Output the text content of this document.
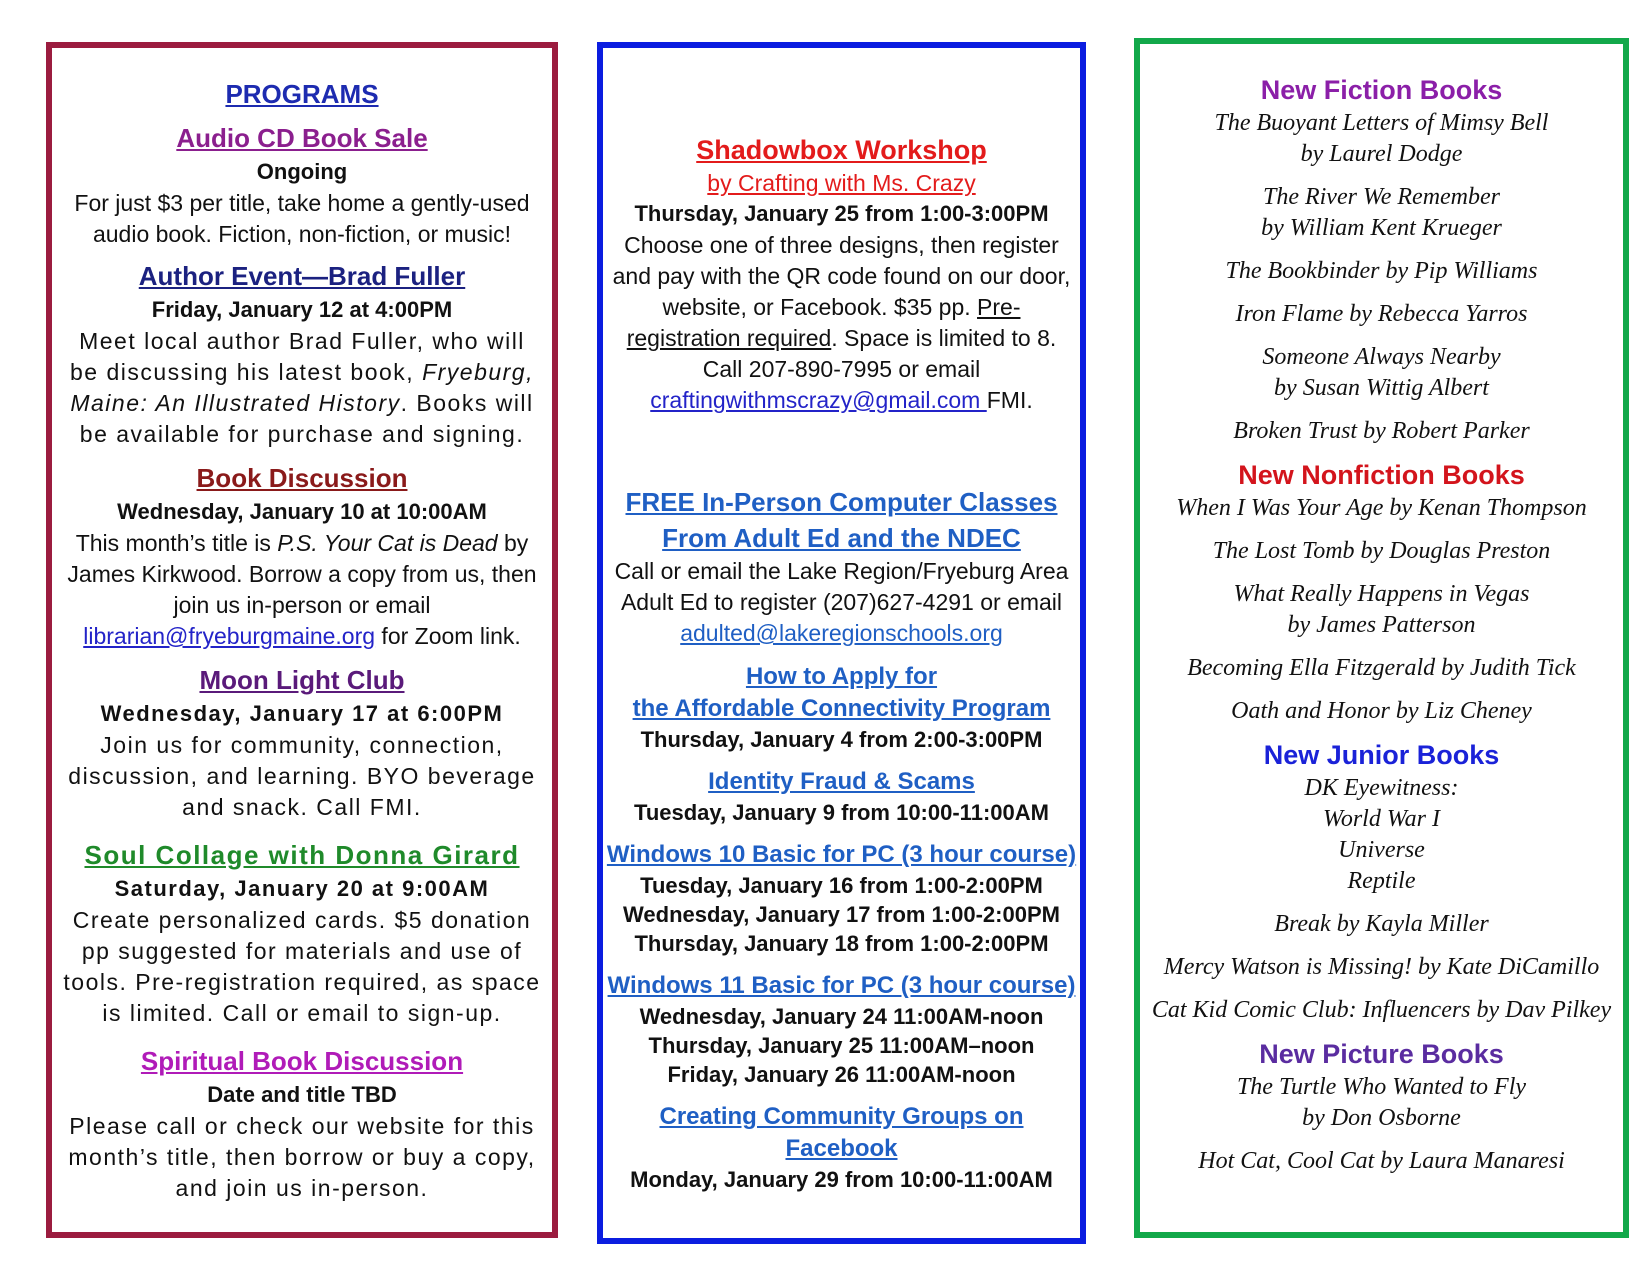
PROGRAMS
Audio CD Book Sale
Ongoing
For just $3 per title, take home a gently-used audio book. Fiction, non-fiction, or music!
Author Event—Brad Fuller
Friday, January 12 at 4:00PM
Meet local author Brad Fuller, who will be discussing his latest book, Fryeburg, Maine: An Illustrated History. Books will be available for purchase and signing.
Book Discussion
Wednesday, January 10 at 10:00AM
This month’s title is P.S. Your Cat is Dead by James Kirkwood. Borrow a copy from us, then join us in-person or email librarian@fryeburgmaine.org for Zoom link.
Moon Light Club
Wednesday, January 17 at 6:00PM
Join us for community, connection, discussion, and learning. BYO beverage and snack. Call FMI.
Soul Collage with Donna Girard
Saturday, January 20 at 9:00AM
Create personalized cards. $5 donation pp suggested for materials and use of tools. Pre-registration required, as space is limited. Call or email to sign-up.
Spiritual Book Discussion
Date and title TBD
Please call or check our website for this month’s title, then borrow or buy a copy, and join us in-person.
Shadowbox Workshop
by Crafting with Ms. Crazy
Thursday, January 25 from 1:00-3:00PM
Choose one of three designs, then register and pay with the QR code found on our door, website, or Facebook. $35 pp. Pre-registration required. Space is limited to 8. Call 207-890-7995 or email craftingwithmscrazy@gmail.com FMI.
FREE In-Person Computer Classes
From Adult Ed and the NDEC
Call or email the Lake Region/Fryeburg Area Adult Ed to register (207)627-4291 or email
adulted@lakeregionschools.org
How to Apply for
the Affordable Connectivity Program
Thursday, January 4 from 2:00-3:00PM
Identity Fraud & Scams
Tuesday, January 9 from 10:00-11:00AM
Windows 10 Basic for PC (3 hour course)
Tuesday, January 16 from 1:00-2:00PM
Wednesday, January 17 from 1:00-2:00PM
Thursday, January 18 from 1:00-2:00PM
Windows 11 Basic for PC (3 hour course)
Wednesday, January 24 11:00AM-noon
Thursday, January 25 11:00AM–noon
Friday, January 26 11:00AM-noon
Creating Community Groups on Facebook
Monday, January 29 from 10:00-11:00AM
New Fiction Books
The Buoyant Letters of Mimsy Bell
by Laurel Dodge
The River We Remember
by William Kent Krueger
The Bookbinder by Pip Williams
Iron Flame by Rebecca Yarros
Someone Always Nearby
by Susan Wittig Albert
Broken Trust by Robert Parker
New Nonfiction Books
When I Was Your Age by Kenan Thompson
The Lost Tomb by Douglas Preston
What Really Happens in Vegas
by James Patterson
Becoming Ella Fitzgerald by Judith Tick
Oath and Honor by Liz Cheney
New Junior Books
DK Eyewitness:
World War I
Universe
Reptile
Break by Kayla Miller
Mercy Watson is Missing! by Kate DiCamillo
Cat Kid Comic Club: Influencers by Dav Pilkey
New Picture Books
The Turtle Who Wanted to Fly
by Don Osborne
Hot Cat, Cool Cat by Laura Manaresi
